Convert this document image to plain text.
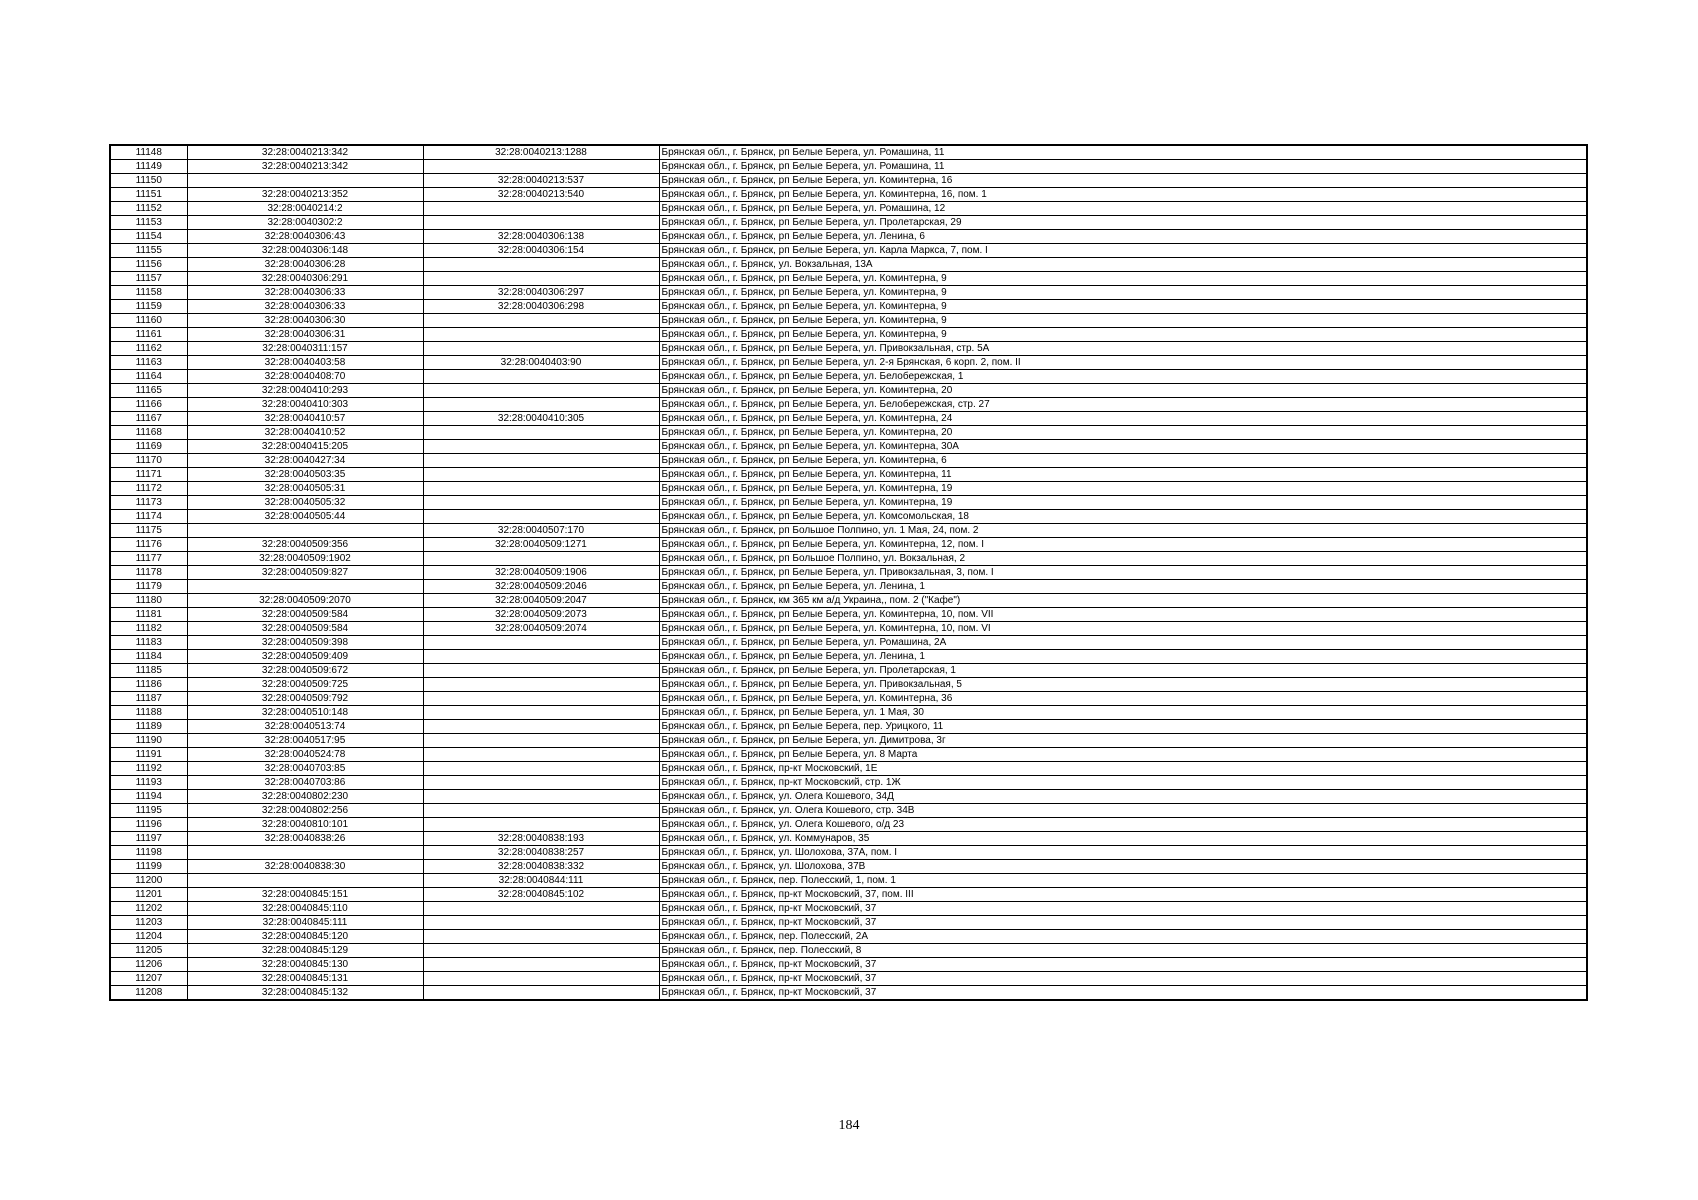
11148	32:28:0040213:342	32:28:0040213:1288	Брянская обл., г. Брянск, рп Белые Берега, ул. Ромашина, 11
11149	32:28:0040213:342		Брянская обл., г. Брянск, рп Белые Берега, ул. Ромашина, 11
11150		32:28:0040213:537	Брянская обл., г. Брянск, рп Белые Берега, ул. Коминтерна, 16
11151	32:28:0040213:352	32:28:0040213:540	Брянская обл., г. Брянск, рп Белые Берега, ул. Коминтерна, 16, пом. 1
11152	32:28:0040214:2		Брянская обл., г. Брянск, рп Белые Берега, ул. Ромашина, 12
11153	32:28:0040302:2		Брянская обл., г. Брянск, рп Белые Берега, ул. Пролетарская, 29
11154	32:28:0040306:43	32:28:0040306:138	Брянская обл., г. Брянск, рп Белые Берега, ул. Ленина, 6
11155	32:28:0040306:148	32:28:0040306:154	Брянская обл., г. Брянск, рп Белые Берега, ул. Карла Маркса, 7, пом. I
11156	32:28:0040306:28		Брянская обл., г. Брянск, ул. Вокзальная, 13А
11157	32:28:0040306:291		Брянская обл., г. Брянск, рп Белые Берега, ул. Коминтерна, 9
11158	32:28:0040306:33	32:28:0040306:297	Брянская обл., г. Брянск, рп Белые Берега, ул. Коминтерна, 9
11159	32:28:0040306:33	32:28:0040306:298	Брянская обл., г. Брянск, рп Белые Берега, ул. Коминтерна, 9
11160	32:28:0040306:30		Брянская обл., г. Брянск, рп Белые Берега, ул. Коминтерна, 9
11161	32:28:0040306:31		Брянская обл., г. Брянск, рп Белые Берега, ул. Коминтерна, 9
11162	32:28:0040311:157		Брянская обл., г. Брянск, рп Белые Берега, ул. Привокзальная, стр. 5А
11163	32:28:0040403:58	32:28:0040403:90	Брянская обл., г. Брянск, рп Белые Берега, ул. 2-я Брянская, 6 корп. 2, пом. II
11164	32:28:0040408:70		Брянская обл., г. Брянск, рп Белые Берега, ул. Белобережская, 1
11165	32:28:0040410:293		Брянская обл., г. Брянск, рп Белые Берега, ул. Коминтерна, 20
11166	32:28:0040410:303		Брянская обл., г. Брянск, рп Белые Берега, ул. Белобережская, стр. 27
11167	32:28:0040410:57	32:28:0040410:305	Брянская обл., г. Брянск, рп Белые Берега, ул. Коминтерна, 24
11168	32:28:0040410:52		Брянская обл., г. Брянск, рп Белые Берега, ул. Коминтерна, 20
11169	32:28:0040415:205		Брянская обл., г. Брянск, рп Белые Берега, ул. Коминтерна, 30А
11170	32:28:0040427:34		Брянская обл., г. Брянск, рп Белые Берега, ул. Коминтерна, 6
11171	32:28:0040503:35		Брянская обл., г. Брянск, рп Белые Берега, ул. Коминтерна, 11
11172	32:28:0040505:31		Брянская обл., г. Брянск, рп Белые Берега, ул. Коминтерна, 19
11173	32:28:0040505:32		Брянская обл., г. Брянск, рп Белые Берега, ул. Коминтерна, 19
11174	32:28:0040505:44		Брянская обл., г. Брянск, рп Белые Берега, ул. Комсомольская, 18
11175		32:28:0040507:170	Брянская обл., г. Брянск, рп Большое Полпино, ул. 1 Мая, 24, пом. 2
11176	32:28:0040509:356	32:28:0040509:1271	Брянская обл., г. Брянск, рп Белые Берега, ул. Коминтерна, 12, пом. I
11177	32:28:0040509:1902		Брянская обл., г. Брянск, рп Большое Полпино, ул. Вокзальная, 2
11178	32:28:0040509:827	32:28:0040509:1906	Брянская обл., г. Брянск, рп Белые Берега, ул. Привокзальная, 3, пом. I
11179		32:28:0040509:2046	Брянская обл., г. Брянск, рп Белые Берега, ул. Ленина, 1
11180	32:28:0040509:2070	32:28:0040509:2047	Брянская обл., г. Брянск, км 365 км а/д Украина,, пом. 2 ("Кафе")
11181	32:28:0040509:584	32:28:0040509:2073	Брянская обл., г. Брянск, рп Белые Берега, ул. Коминтерна, 10, пом. VII
11182	32:28:0040509:584	32:28:0040509:2074	Брянская обл., г. Брянск, рп Белые Берега, ул. Коминтерна, 10, пом. VI
11183	32:28:0040509:398		Брянская обл., г. Брянск, рп Белые Берега, ул. Ромашина, 2А
11184	32:28:0040509:409		Брянская обл., г. Брянск, рп Белые Берега, ул. Ленина, 1
11185	32:28:0040509:672		Брянская обл., г. Брянск, рп Белые Берега, ул. Пролетарская, 1
11186	32:28:0040509:725		Брянская обл., г. Брянск, рп Белые Берега, ул. Привокзальная, 5
11187	32:28:0040509:792		Брянская обл., г. Брянск, рп Белые Берега, ул. Коминтерна, 36
11188	32:28:0040510:148		Брянская обл., г. Брянск, рп Белые Берега, ул. 1 Мая, 30
11189	32:28:0040513:74		Брянская обл., г. Брянск, рп Белые Берега, пер. Урицкого, 11
11190	32:28:0040517:95		Брянская обл., г. Брянск, рп Белые Берега, ул. Димитрова, 3г
11191	32:28:0040524:78		Брянская обл., г. Брянск, рп Белые Берега, ул. 8 Марта
11192	32:28:0040703:85		Брянская обл., г. Брянск, пр-кт Московский, 1Е
11193	32:28:0040703:86		Брянская обл., г. Брянск, пр-кт Московский, стр. 1Ж
11194	32:28:0040802:230		Брянская обл., г. Брянск, ул. Олега Кошевого, 34Д
11195	32:28:0040802:256		Брянская обл., г. Брянск, ул. Олега Кошевого, стр. 34В
11196	32:28:0040810:101		Брянская обл., г. Брянск, ул. Олега Кошевого, о/д 23
11197	32:28:0040838:26	32:28:0040838:193	Брянская обл., г. Брянск, ул. Коммунаров, 35
11198		32:28:0040838:257	Брянская обл., г. Брянск, ул. Шолохова, 37А, пом. I
11199	32:28:0040838:30	32:28:0040838:332	Брянская обл., г. Брянск, ул. Шолохова, 37В
11200		32:28:0040844:111	Брянская обл., г. Брянск, пер. Полесский, 1, пом. 1
11201	32:28:0040845:151	32:28:0040845:102	Брянская обл., г. Брянск, пр-кт Московский, 37, пом. III
11202	32:28:0040845:110		Брянская обл., г. Брянск, пр-кт Московский, 37
11203	32:28:0040845:111		Брянская обл., г. Брянск, пр-кт Московский, 37
11204	32:28:0040845:120		Брянская обл., г. Брянск, пер. Полесский, 2А
11205	32:28:0040845:129		Брянская обл., г. Брянск, пер. Полесский, 8
11206	32:28:0040845:130		Брянская обл., г. Брянск, пр-кт Московский, 37
11207	32:28:0040845:131		Брянская обл., г. Брянск, пр-кт Московский, 37
11208	32:28:0040845:132		Брянская обл., г. Брянск, пр-кт Московский, 37
184
